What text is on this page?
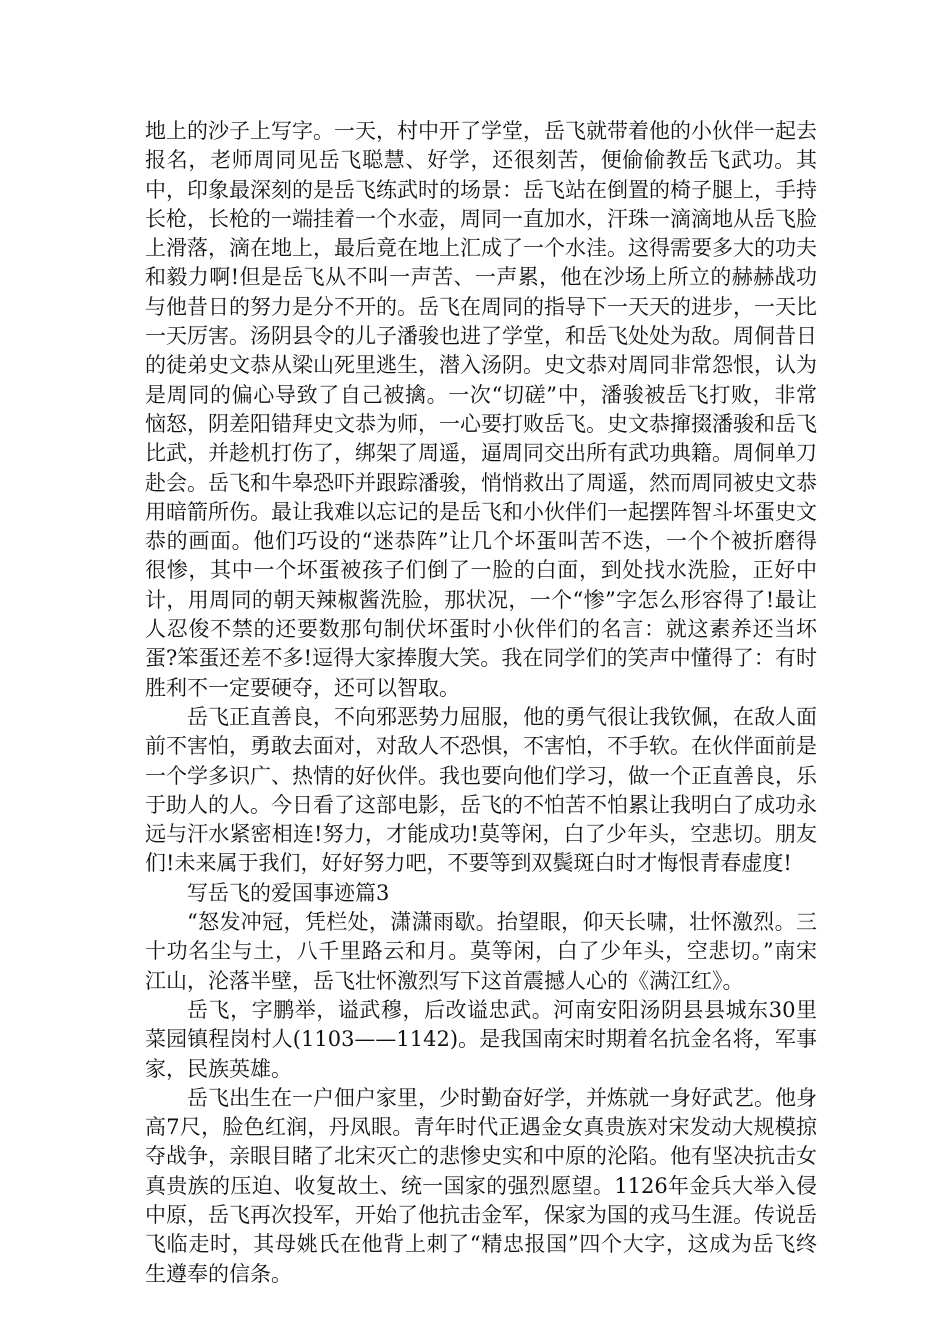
地上的沙子上写字。一天，村中开了学堂，岳飞就带着他的小伙伴一起去报名，老师周同见岳飞聪慧、好学，还很刻苦，便偷偷教岳飞武功。其中，印象最深刻的是岳飞练武时的场景：岳飞站在倒置的椅子腿上，手持长枪，长枪的一端挂着一个水壶，周同一直加水，汗珠一滴滴地从岳飞脸上滑落，滴在地上，最后竟在地上汇成了一个水洼。这得需要多大的功夫和毅力啊!但是岳飞从不叫一声苦、一声累，他在沙场上所立的赫赫战功与他昔日的努力是分不开的。岳飞在周同的指导下一天天的进步，一天比一天厉害。汤阴县令的儿子潘骏也进了学堂，和岳飞处处为敌。周侗昔日的徒弟史文恭从梁山死里逃生，潜入汤阴。史文恭对周同非常怨恨，认为是周同的偏心导致了自己被擒。一次“切磋”中，潘骏被岳飞打败，非常恼怒，阴差阳错拜史文恭为师，一心要打败岳飞。史文恭撺掇潘骏和岳飞比武，并趁机打伤了，绑架了周遥，逼周同交出所有武功典籍。周侗单刀赴会。岳飞和牛皋恐吓并跟踪潘骏，悄悄救出了周遥，然而周同被史文恭用暗箭所伤。最让我难以忘记的是岳飞和小伙伴们一起摆阵智斗坏蛋史文恭的画面。他们巧设的“迷恭阵”让几个坏蛋叫苦不迭，一个个被折磨得很惨，其中一个坏蛋被孩子们倒了一脸的白面，到处找水洗脸，正好中计，用周同的朝天辣椒酱洗脸，那状况，一个“惨”字怎么形容得了!最让人忍俊不禁的还要数那句制伏坏蛋时小伙伴们的名言：就这素养还当坏蛋?笨蛋还差不多!逗得大家捧腹大笑。我在同学们的笑声中懂得了：有时胜利不一定要硬夺，还可以智取。

岳飞正直善良，不向邪恶势力屈服，他的勇气很让我钦佩，在敌人面前不害怕，勇敢去面对，对敌人不恐惧，不害怕，不手软。在伙伴面前是一个学多识广、热情的好伙伴。我也要向他们学习，做一个正直善良，乐于助人的人。今日看了这部电影，岳飞的不怕苦不怕累让我明白了成功永远与汗水紧密相连!努力，才能成功!莫等闲，白了少年头，空悲切。朋友们!未来属于我们，好好努力吧，不要等到双鬓斑白时才悔恨青春虚度!

写岳飞的爱国事迹篇3

“怒发冲冠，凭栏处，潇潇雨歇。抬望眼，仰天长啸，壮怀激烈。三十功名尘与土，八千里路云和月。莫等闲，白了少年头，空悲切。”南宋江山，沦落半壁，岳飞壮怀激烈写下这首震撼人心的《满江红》。

岳飞，字鹏举，谥武穆，后改谥忠武。河南安阳汤阴县县城东30里菜园镇程岗村人(1103——1142)。是我国南宋时期着名抗金名将，军事家，民族英雄。

岳飞出生在一户佃户家里，少时勤奋好学，并炼就一身好武艺。他身高7尺，脸色红润，丹凤眼。青年时代正遇金女真贵族对宋发动大规模掠夺战争，亲眼目睹了北宋灭亡的悲惨史实和中原的沦陷。他有坚决抗击女真贵族的压迫、收复故土、统一国家的强烈愿望。1126年金兵大举入侵中原，岳飞再次投军，开始了他抗击金军，保家为国的戎马生涯。传说岳飞临走时，其母姚氏在他背上刺了“精忠报国”四个大字，这成为岳飞终生遵奉的信条。
